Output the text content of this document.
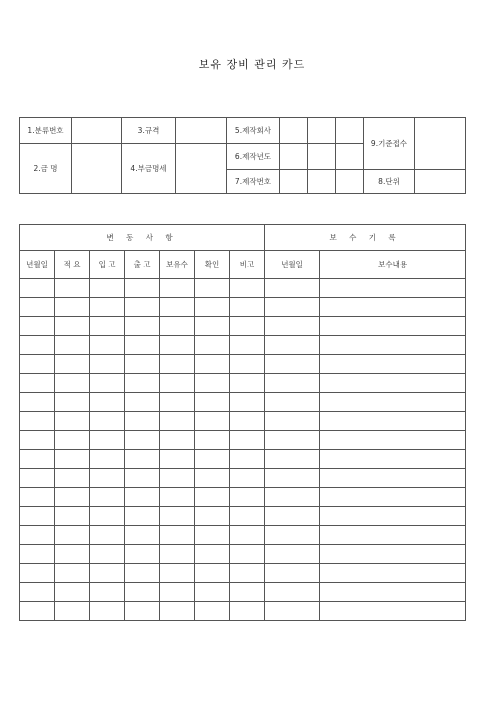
보유 장비 관리 카드
1.분류번호		3.규격		5.제작회사				9.기준접수	
2.금 명		4.부금명세		6.제작년도					
				7.제작번호				8.단위	
변 동 사 항							보 수 기 록	
년월일	적 요	입 고	출 고	보유수	확인	비고	년월일	보수내용
